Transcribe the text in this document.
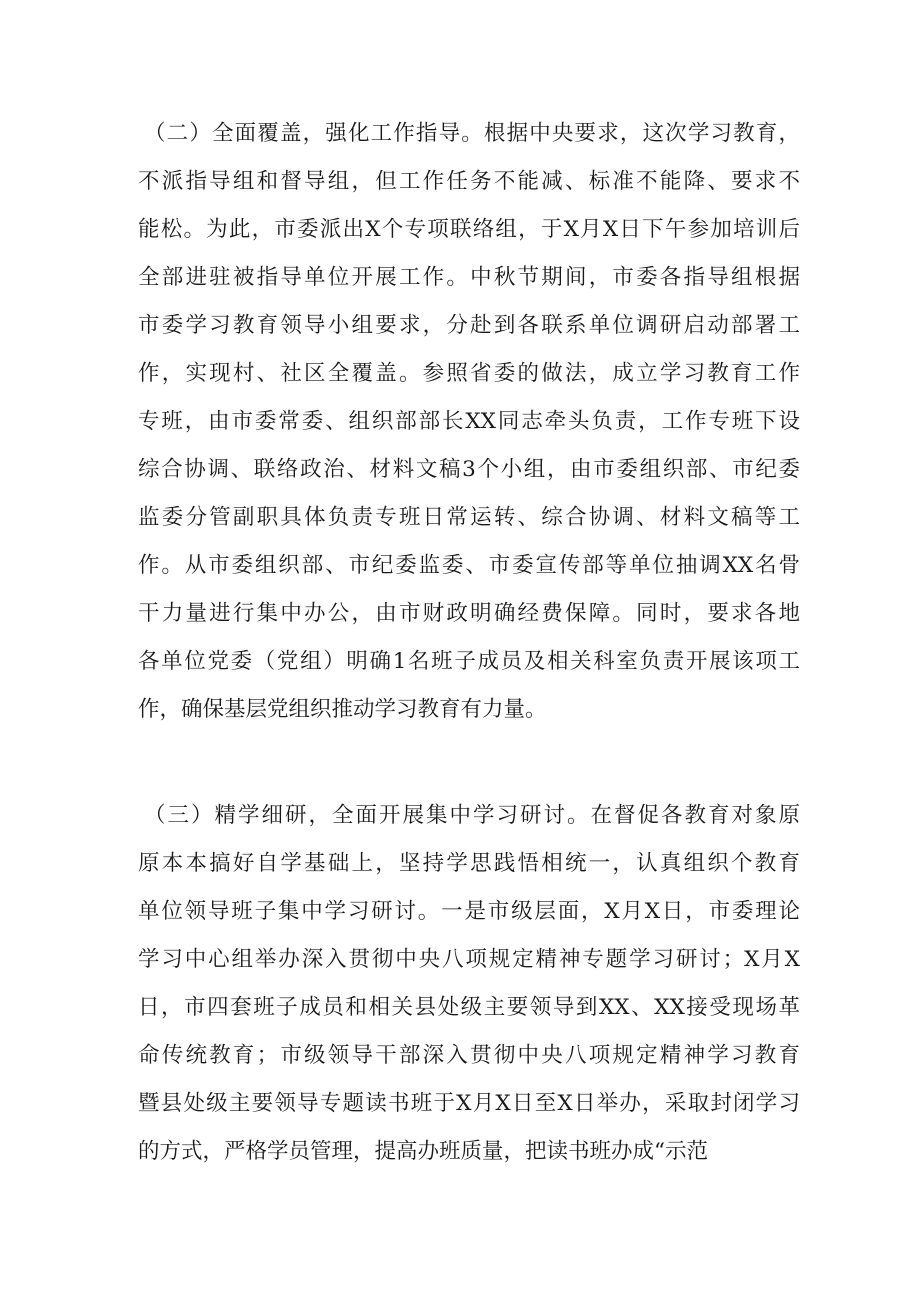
（二）全面覆盖，强化工作指导。根据中央要求，这次学习教育，
不派指导组和督导组，但工作任务不能减、标准不能降、要求不
能松。为此，市委派出X个专项联络组，于X月X日下午参加培训后
全部进驻被指导单位开展工作。中秋节期间，市委各指导组根据
市委学习教育领导小组要求，分赴到各联系单位调研启动部署工
作，实现村、社区全覆盖。参照省委的做法，成立学习教育工作
专班，由市委常委、组织部部长XX同志牵头负责，工作专班下设
综合协调、联络政治、材料文稿3个小组，由市委组织部、市纪委
监委分管副职具体负责专班日常运转、综合协调、材料文稿等工
作。从市委组织部、市纪委监委、市委宣传部等单位抽调XX名骨
干力量进行集中办公，由市财政明确经费保障。同时，要求各地
各单位党委（党组）明确1名班子成员及相关科室负责开展该项工
作，确保基层党组织推动学习教育有力量。
（三）精学细研，全面开展集中学习研讨。在督促各教育对象原
原本本搞好自学基础上，坚持学思践悟相统一，认真组织个教育
单位领导班子集中学习研讨。一是市级层面，X月X日，市委理论
学习中心组举办深入贯彻中央八项规定精神专题学习研讨；X月X
日，市四套班子成员和相关县处级主要领导到XX、XX接受现场革
命传统教育；市级领导干部深入贯彻中央八项规定精神学习教育
暨县处级主要领导专题读书班于X月X日至X日举办，采取封闭学习
的方式，严格学员管理，提高办班质量，把读书班办成“示范
